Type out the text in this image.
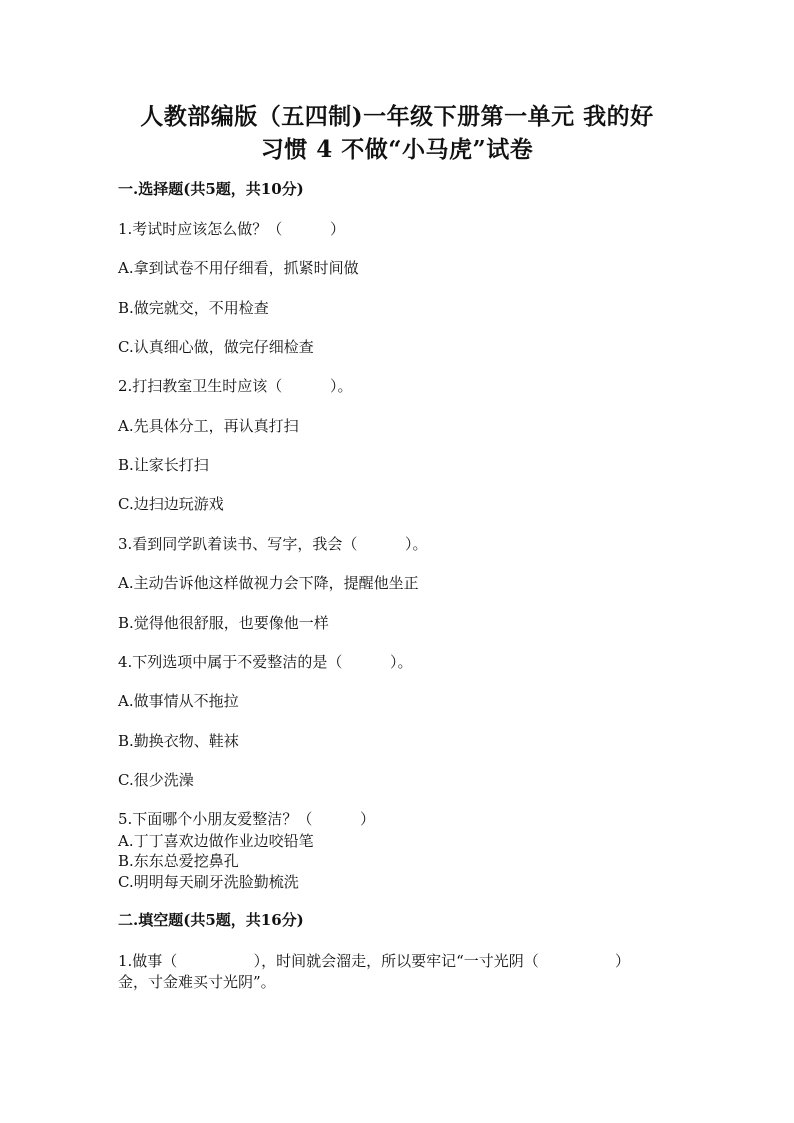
人教部编版（五四制)一年级下册第一单元 我的好
习惯 4 不做“小马虎”试卷
一.选择题(共5题，共10分)
1.考试时应该怎么做？（          ）
A.拿到试卷不用仔细看，抓紧时间做
B.做完就交，不用检查
C.认真细心做，做完仔细检查
2.打扫教室卫生时应该（          ）。
A.先具体分工，再认真打扫
B.让家长打扫
C.边扫边玩游戏
3.看到同学趴着读书、写字，我会（          ）。
A.主动告诉他这样做视力会下降，提醒他坐正
B.觉得他很舒服，也要像他一样
4.下列选项中属于不爱整洁的是（          ）。
A.做事情从不拖拉
B.勤换衣物、鞋袜
C.很少洗澡
5.下面哪个小朋友爱整洁？（          ）
A.丁丁喜欢边做作业边咬铅笔
B.东东总爱挖鼻孔
C.明明每天刷牙洗脸勤梳洗
二.填空题(共5题，共16分)
1.做事（                ），时间就会溜走，所以要牢记“一寸光阴（                ）
金，寸金难买寸光阴”。
